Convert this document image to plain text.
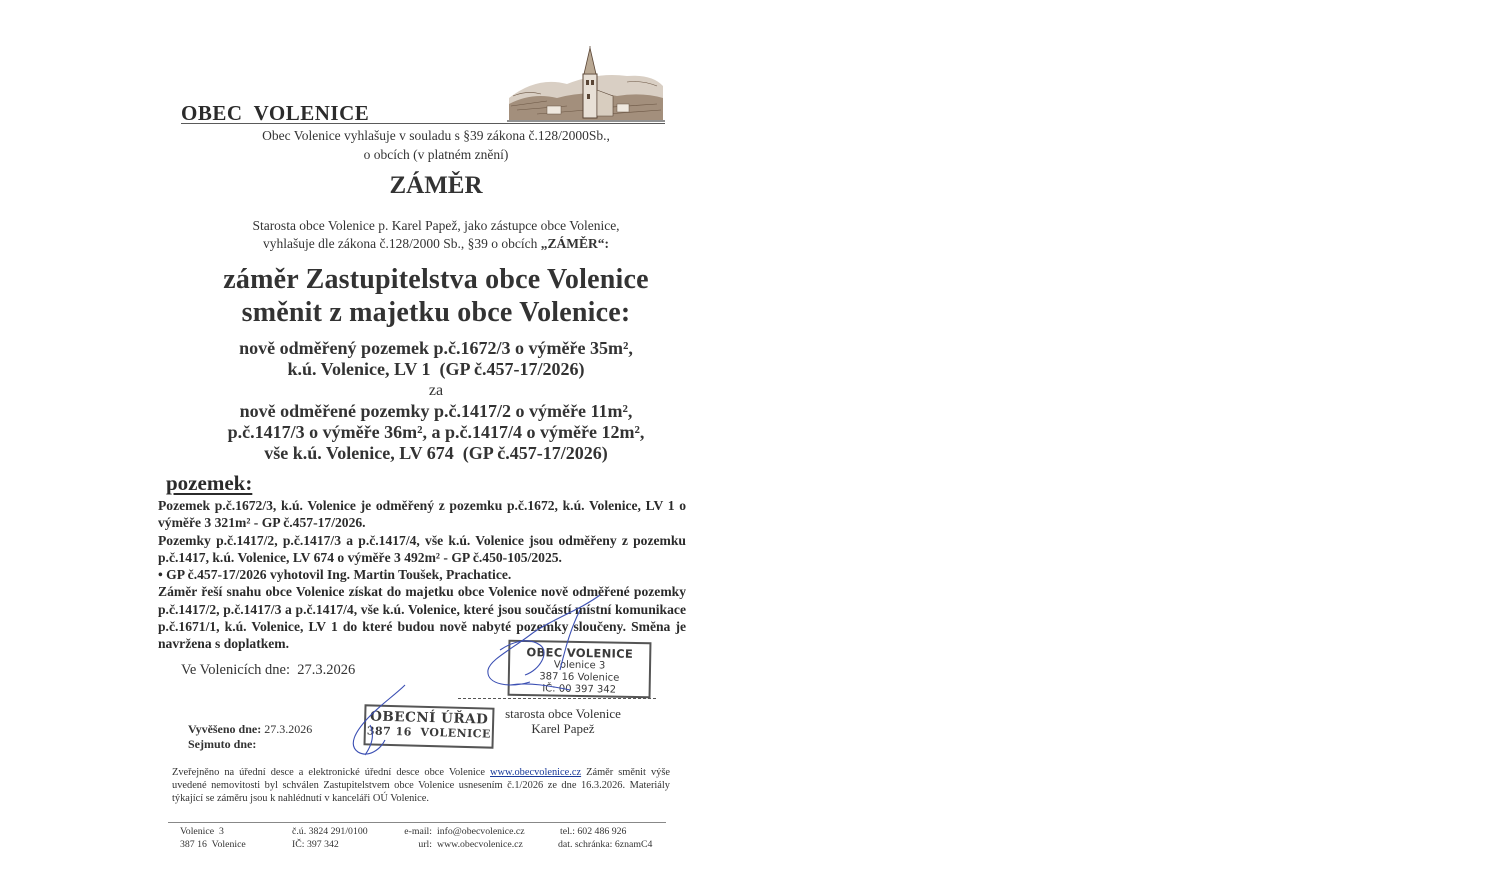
OBEC  VOLENICE
Obec Volenice vyhlašuje v souladu s §39 zákona č.128/2000Sb.,
o obcích (v platném znění)
ZÁMĚR
Starosta obce Volenice p. Karel Papež, jako zástupce obce Volenice,
vyhlašuje dle zákona č.128/2000 Sb., §39 o obcích „ZÁMĚR“:
záměr Zastupitelstva obce Volenice
směnit z majetku obce Volenice:
nově odměřený pozemek p.č.1672/3 o výměře 35m²,
k.ú. Volenice, LV 1  (GP č.457-17/2026)
za
nově odměřené pozemky p.č.1417/2 o výměře 11m²,
p.č.1417/3 o výměře 36m², a p.č.1417/4 o výměře 12m²,
vše k.ú. Volenice, LV 674  (GP č.457-17/2026)
pozemek:

Pozemek p.č.1672/3, k.ú. Volenice je odměřený z pozemku p.č.1672, k.ú. Volenice, LV 1 o výměře 3 321m² - GP č.457-17/2026.

Pozemky p.č.1417/2, p.č.1417/3 a p.č.1417/4, vše k.ú. Volenice jsou odměřeny z pozemku p.č.1417, k.ú. Volenice, LV 674 o výměře 3 492m² - GP č.450-105/2025.

• GP č.457-17/2026 vyhotovil Ing. Martin Toušek, Prachatice.

Záměr řeší snahu obce Volenice získat do majetku obce Volenice nově odměřené pozemky p.č.1417/2, p.č.1417/3 a p.č.1417/4, vše k.ú. Volenice, které jsou součástí místní komunikace p.č.1671/1, k.ú. Volenice, LV 1 do které budou nově nabyté pozemky sloučeny. Směna je navržena s doplatkem.

Ve Volenicích dne:  27.3.2026
OBEC VOLENICE
Volenice 3
387 16 Volenice
IČ: 00 397 342
starosta obce Volenice
Karel Papež
Vyvěšeno dne: 27.3.2026
Sejmuto dne:
OBECNÍ ÚŘAD
387 16  VOLENICE
Zveřejněno na úřední desce a elektronické úřední desce obce Volenice www.obecvolenice.cz Záměr směnit výše uvedené nemovitosti byl schválen Zastupitelstvem obce Volenice usnesením č.1/2026 ze dne 16.3.2026. Materiály týkající se záměru jsou k nahlédnutí v kanceláři OÚ Volenice.
Volenice  3
387 16  Volenice
č.ú. 3824 291/0100
IČ: 397 342
e-mail: info@obecvolenice.cz
url: www.obecvolenice.cz
tel.: 602 486 926
dat. schránka: 6znamC4
